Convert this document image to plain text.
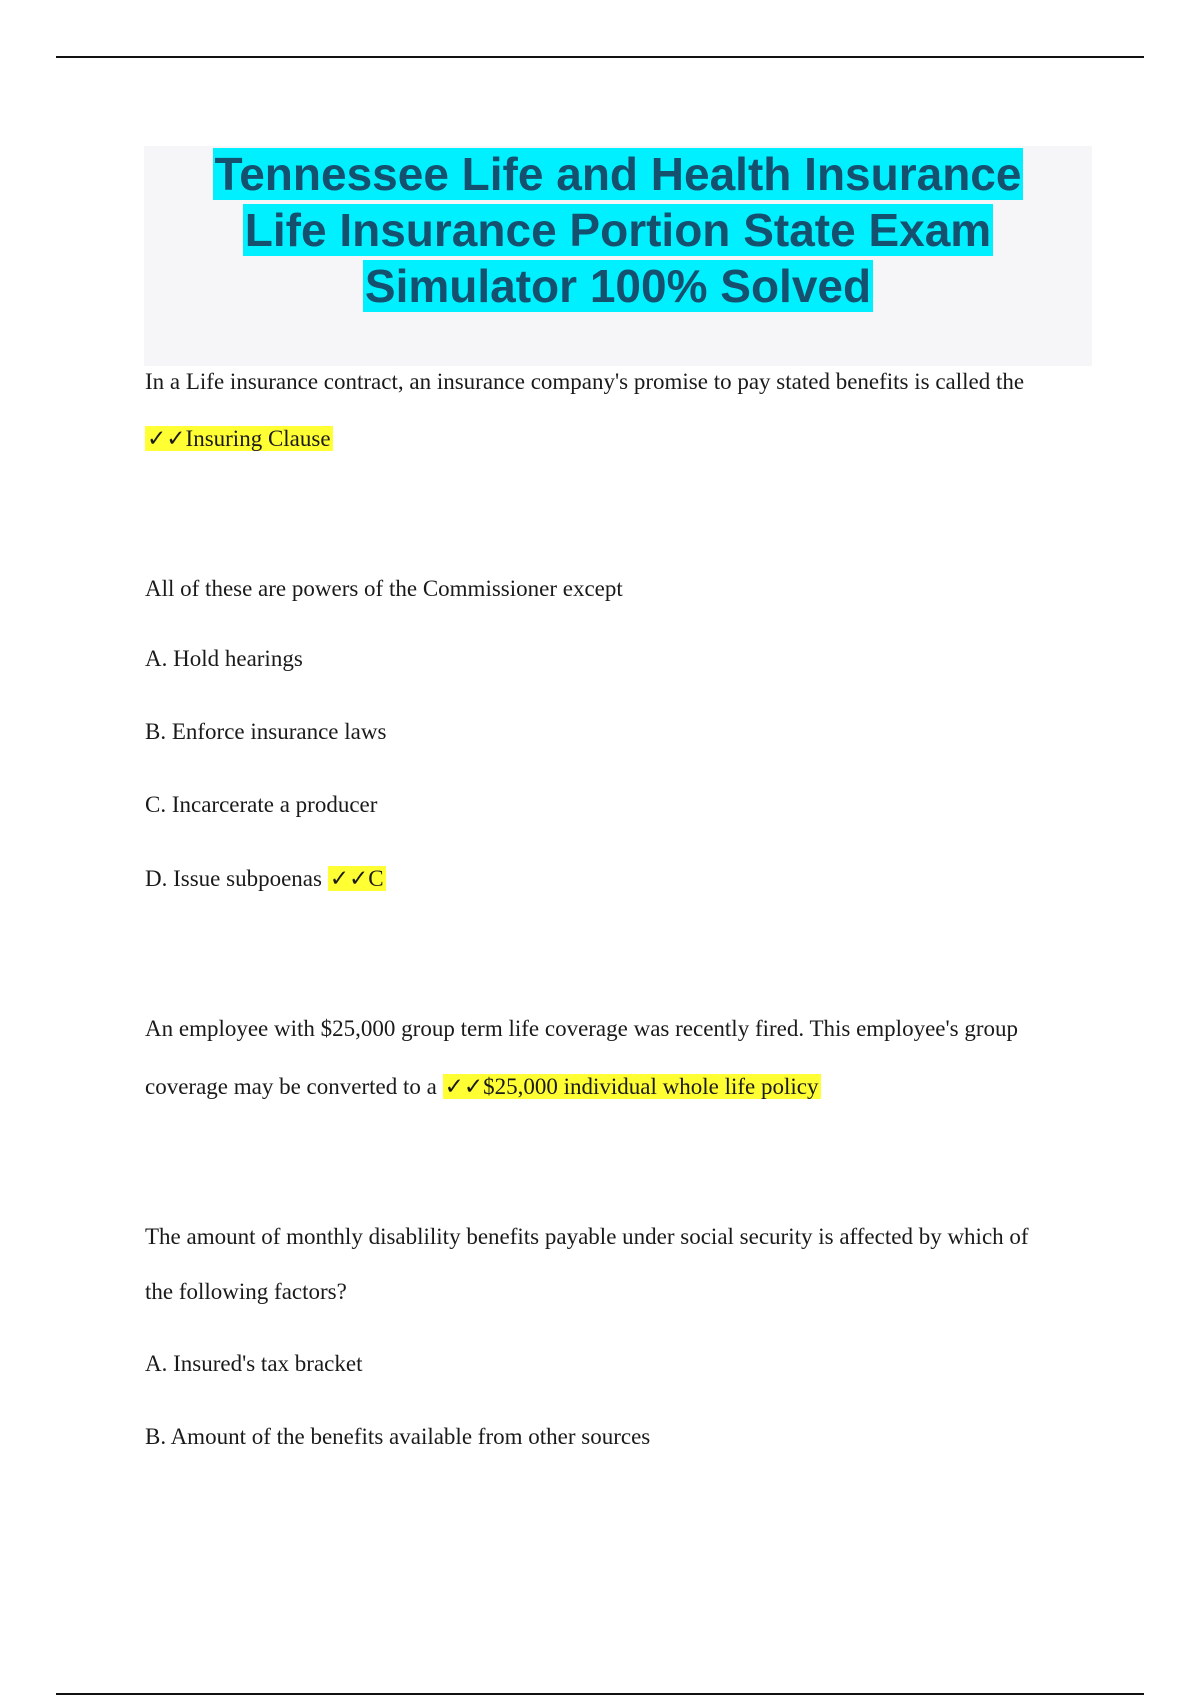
Tennessee Life and Health Insurance
Life Insurance Portion State Exam
Simulator 100% Solved

In a Life insurance contract, an insurance company's promise to pay stated benefits is called the

✓✓Insuring Clause

All of these are powers of the Commissioner except

A. Hold hearings

B. Enforce insurance laws

C. Incarcerate a producer

D. Issue subpoenas ✓✓C

An employee with $25,000 group term life coverage was recently fired. This employee's group

coverage may be converted to a ✓✓$25,000 individual whole life policy

The amount of monthly disablility benefits payable under social security is affected by which of

the following factors?

A. Insured's tax bracket

B. Amount of the benefits available from other sources
